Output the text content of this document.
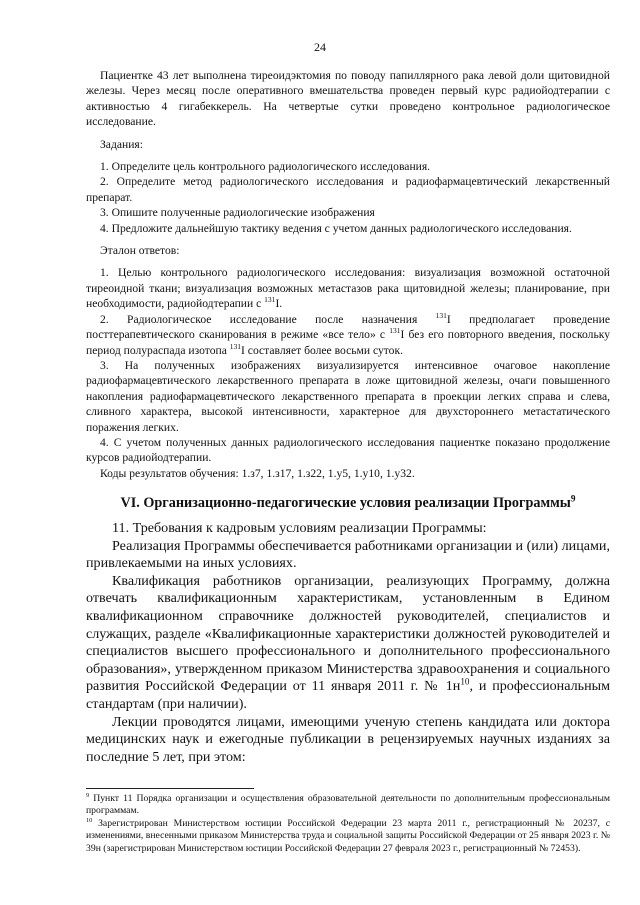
24

Пациентке 43 лет выполнена тиреоидэктомия по поводу папиллярного рака левой доли щитовидной железы. Через месяц после оперативного вмешательства проведен первый курс радиойодтерапии с активностью 4 гигабеккерель. На четвертые сутки проведено контрольное радиологическое исследование.

Задания:

1. Определите цель контрольного радиологического исследования.

2. Определите метод радиологического исследования и радиофармацевтический лекарственный препарат.

3. Опишите полученные радиологические изображения

4. Предложите дальнейшую тактику ведения с учетом данных радиологического исследования.

Эталон ответов:

1. Целью контрольного радиологического исследования: визуализация возможной остаточной тиреоидной ткани; визуализация возможных метастазов рака щитовидной железы; планирование, при необходимости, радиойодтерапии с $^{131}$I.

2. Радиологическое исследование после назначения $^{131}$I предполагает проведение посттерапевтического сканирования в режиме «все тело» с $^{131}$I без его повторного введения, поскольку период полураспада изотопа $^{131}$I составляет более восьми суток.

3. На полученных изображениях визуализируется интенсивное очаговое накопление радиофармацевтического лекарственного препарата в ложе щитовидной железы, очаги повышенного накопления радиофармацевтического лекарственного препарата в проекции легких справа и слева, сливного характера, высокой интенсивности, характерное для двухстороннего метастатического поражения легких.

4. С учетом полученных данных радиологического исследования пациентке показано продолжение курсов радиойодтерапии.

Коды результатов обучения: 1.з7, 1.з17, 1.з22, 1.у5, 1.у10, 1.у32.

VI. Организационно-педагогические условия реализации Программы$^9$

11. Требования к кадровым условиям реализации Программы:

Реализация Программы обеспечивается работниками организации и (или) лицами, привлекаемыми на иных условиях.

Квалификация работников организации, реализующих Программу, должна отвечать квалификационным характеристикам, установленным в Едином квалификационном справочнике должностей руководителей, специалистов и служащих, разделе «Квалификационные характеристики должностей руководителей и специалистов высшего профессионального и дополнительного профессионального образования», утвержденном приказом Министерства здравоохранения и социального развития Российской Федерации от 11 января 2011 г. № $1н^{10}$, и профессиональным стандартам (при наличии).

Лекции проводятся лицами, имеющими ученую степень кандидата или доктора медицинских наук и ежегодные публикации в рецензируемых научных изданиях за последние 5 лет, при этом:

$^9$ Пункт 11 Порядка организации и осуществления образовательной деятельности по дополнительным профессиональным программам.

$^{10}$ Зарегистрирован Министерством юстиции Российской Федерации 23 марта 2011 г., регистрационный № 20237, с изменениями, внесенными приказом Министерства труда и социальной защиты Российской Федерации от 25 января 2023 г. № 39н (зарегистрирован Министерством юстиции Российской Федерации 27 февраля 2023 г., регистрационный № 72453).
